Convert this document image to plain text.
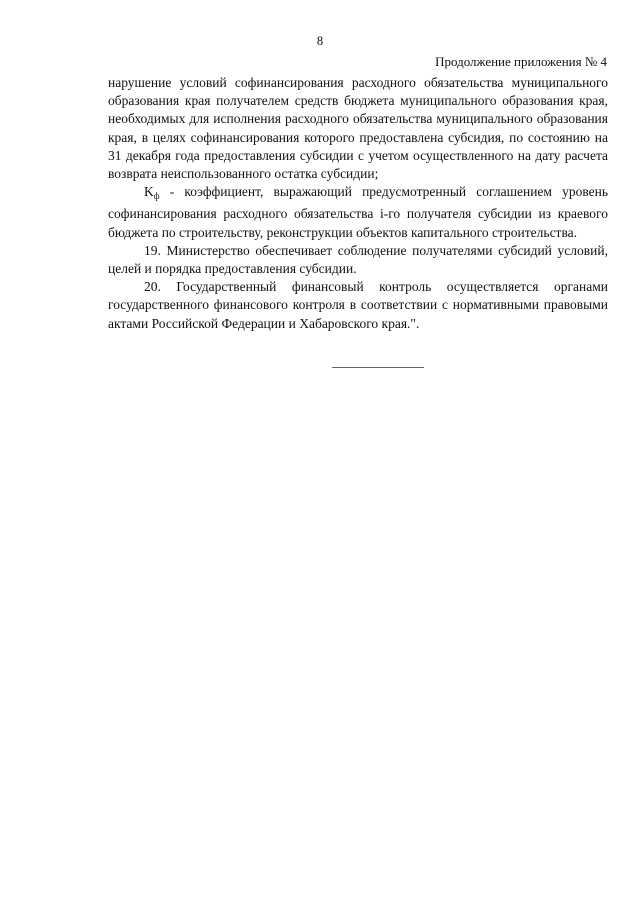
8
Продолжение приложения № 4

нарушение условий софинансирования расходного обязательства муниципального образования края получателем средств бюджета муниципального образования края, необходимых для исполнения расходного обязательства муниципального образования края, в целях софинансирования которого предоставлена субсидия, по состоянию на 31 декабря года предоставления субсидии с учетом осуществленного на дату расчета возврата неиспользованного остатка субсидии;

$K_ф$ - коэффициент, выражающий предусмотренный соглашением уровень софинансирования расходного обязательства i-го получателя субсидии из краевого бюджета по строительству, реконструкции объектов капитального строительства.

19. Министерство обеспечивает соблюдение получателями субсидий условий, целей и порядка предоставления субсидии.

20. Государственный финансовый контроль осуществляется органами государственного финансового контроля в соответствии с нормативными правовыми актами Российской Федерации и Хабаровского края.".
